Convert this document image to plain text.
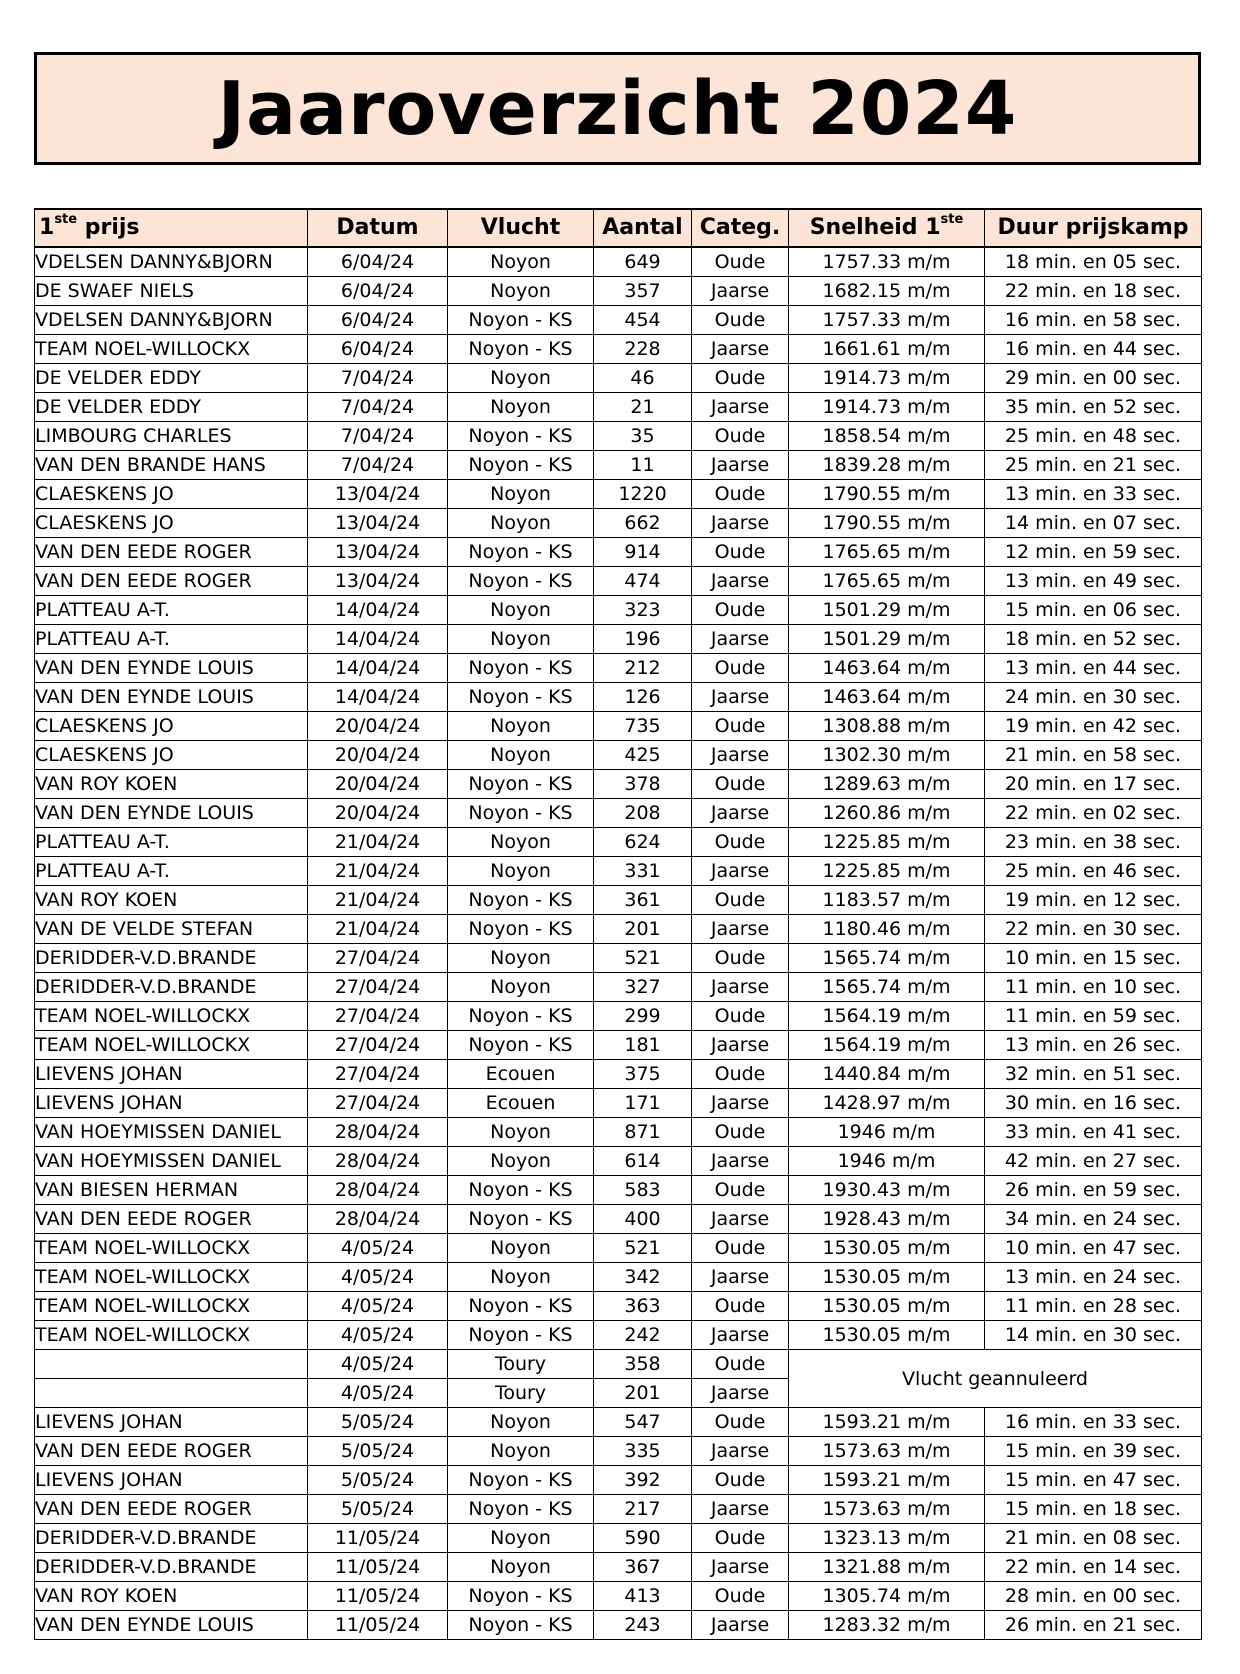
Jaaroverzicht 2024
1ste prijs	Datum	Vlucht	Aantal	Categ.	Snelheid 1ste	Duur prijskamp
VDELSEN DANNY&BJORN	6/04/24	Noyon	649	Oude	1757.33 m/m	18 min. en 05 sec.
DE SWAEF NIELS	6/04/24	Noyon	357	Jaarse	1682.15 m/m	22 min. en 18 sec.
VDELSEN DANNY&BJORN	6/04/24	Noyon - KS	454	Oude	1757.33 m/m	16 min. en 58 sec.
TEAM NOEL-WILLOCKX	6/04/24	Noyon - KS	228	Jaarse	1661.61 m/m	16 min. en 44 sec.
DE VELDER EDDY	7/04/24	Noyon	46	Oude	1914.73 m/m	29 min. en 00 sec.
DE VELDER EDDY	7/04/24	Noyon	21	Jaarse	1914.73 m/m	35 min. en 52 sec.
LIMBOURG CHARLES	7/04/24	Noyon - KS	35	Oude	1858.54 m/m	25 min. en 48 sec.
VAN DEN BRANDE HANS	7/04/24	Noyon - KS	11	Jaarse	1839.28 m/m	25 min. en 21 sec.
CLAESKENS JO	13/04/24	Noyon	1220	Oude	1790.55 m/m	13 min. en 33 sec.
CLAESKENS JO	13/04/24	Noyon	662	Jaarse	1790.55 m/m	14 min. en 07 sec.
VAN DEN EEDE ROGER	13/04/24	Noyon - KS	914	Oude	1765.65 m/m	12 min. en 59 sec.
VAN DEN EEDE ROGER	13/04/24	Noyon - KS	474	Jaarse	1765.65 m/m	13 min. en 49 sec.
PLATTEAU A-T.	14/04/24	Noyon	323	Oude	1501.29 m/m	15 min. en 06 sec.
PLATTEAU A-T.	14/04/24	Noyon	196	Jaarse	1501.29 m/m	18 min. en 52 sec.
VAN DEN EYNDE LOUIS	14/04/24	Noyon - KS	212	Oude	1463.64 m/m	13 min. en 44 sec.
VAN DEN EYNDE LOUIS	14/04/24	Noyon - KS	126	Jaarse	1463.64 m/m	24 min. en 30 sec.
CLAESKENS JO	20/04/24	Noyon	735	Oude	1308.88 m/m	19 min. en 42 sec.
CLAESKENS JO	20/04/24	Noyon	425	Jaarse	1302.30 m/m	21 min. en 58 sec.
VAN ROY KOEN	20/04/24	Noyon - KS	378	Oude	1289.63 m/m	20 min. en 17 sec.
VAN DEN EYNDE LOUIS	20/04/24	Noyon - KS	208	Jaarse	1260.86 m/m	22 min. en 02 sec.
PLATTEAU A-T.	21/04/24	Noyon	624	Oude	1225.85 m/m	23 min. en 38 sec.
PLATTEAU A-T.	21/04/24	Noyon	331	Jaarse	1225.85 m/m	25 min. en 46 sec.
VAN ROY KOEN	21/04/24	Noyon - KS	361	Oude	1183.57 m/m	19 min. en 12 sec.
VAN DE VELDE STEFAN	21/04/24	Noyon - KS	201	Jaarse	1180.46 m/m	22 min. en 30 sec.
DERIDDER-V.D.BRANDE	27/04/24	Noyon	521	Oude	1565.74 m/m	10 min. en 15 sec.
DERIDDER-V.D.BRANDE	27/04/24	Noyon	327	Jaarse	1565.74 m/m	11 min. en 10 sec.
TEAM NOEL-WILLOCKX	27/04/24	Noyon - KS	299	Oude	1564.19 m/m	11 min. en 59 sec.
TEAM NOEL-WILLOCKX	27/04/24	Noyon - KS	181	Jaarse	1564.19 m/m	13 min. en 26 sec.
LIEVENS JOHAN	27/04/24	Ecouen	375	Oude	1440.84 m/m	32 min. en 51 sec.
LIEVENS JOHAN	27/04/24	Ecouen	171	Jaarse	1428.97 m/m	30 min. en 16 sec.
VAN HOEYMISSEN DANIEL	28/04/24	Noyon	871	Oude	1946 m/m	33 min. en 41 sec.
VAN HOEYMISSEN DANIEL	28/04/24	Noyon	614	Jaarse	1946 m/m	42 min. en 27 sec.
VAN BIESEN HERMAN	28/04/24	Noyon - KS	583	Oude	1930.43 m/m	26 min. en 59 sec.
VAN DEN EEDE ROGER	28/04/24	Noyon - KS	400	Jaarse	1928.43 m/m	34 min. en 24 sec.
TEAM NOEL-WILLOCKX	4/05/24	Noyon	521	Oude	1530.05 m/m	10 min. en 47 sec.
TEAM NOEL-WILLOCKX	4/05/24	Noyon	342	Jaarse	1530.05 m/m	13 min. en 24 sec.
TEAM NOEL-WILLOCKX	4/05/24	Noyon - KS	363	Oude	1530.05 m/m	11 min. en 28 sec.
TEAM NOEL-WILLOCKX	4/05/24	Noyon - KS	242	Jaarse	1530.05 m/m	14 min. en 30 sec.
	4/05/24	Toury	358	Oude	Vlucht geannuleerd	
	4/05/24	Toury	201	Jaarse		
LIEVENS JOHAN	5/05/24	Noyon	547	Oude	1593.21 m/m	16 min. en 33 sec.
VAN DEN EEDE ROGER	5/05/24	Noyon	335	Jaarse	1573.63 m/m	15 min. en 39 sec.
LIEVENS JOHAN	5/05/24	Noyon - KS	392	Oude	1593.21 m/m	15 min. en 47 sec.
VAN DEN EEDE ROGER	5/05/24	Noyon - KS	217	Jaarse	1573.63 m/m	15 min. en 18 sec.
DERIDDER-V.D.BRANDE	11/05/24	Noyon	590	Oude	1323.13 m/m	21 min. en 08 sec.
DERIDDER-V.D.BRANDE	11/05/24	Noyon	367	Jaarse	1321.88 m/m	22 min. en 14 sec.
VAN ROY KOEN	11/05/24	Noyon - KS	413	Oude	1305.74 m/m	28 min. en 00 sec.
VAN DEN EYNDE LOUIS	11/05/24	Noyon - KS	243	Jaarse	1283.32 m/m	26 min. en 21 sec.
